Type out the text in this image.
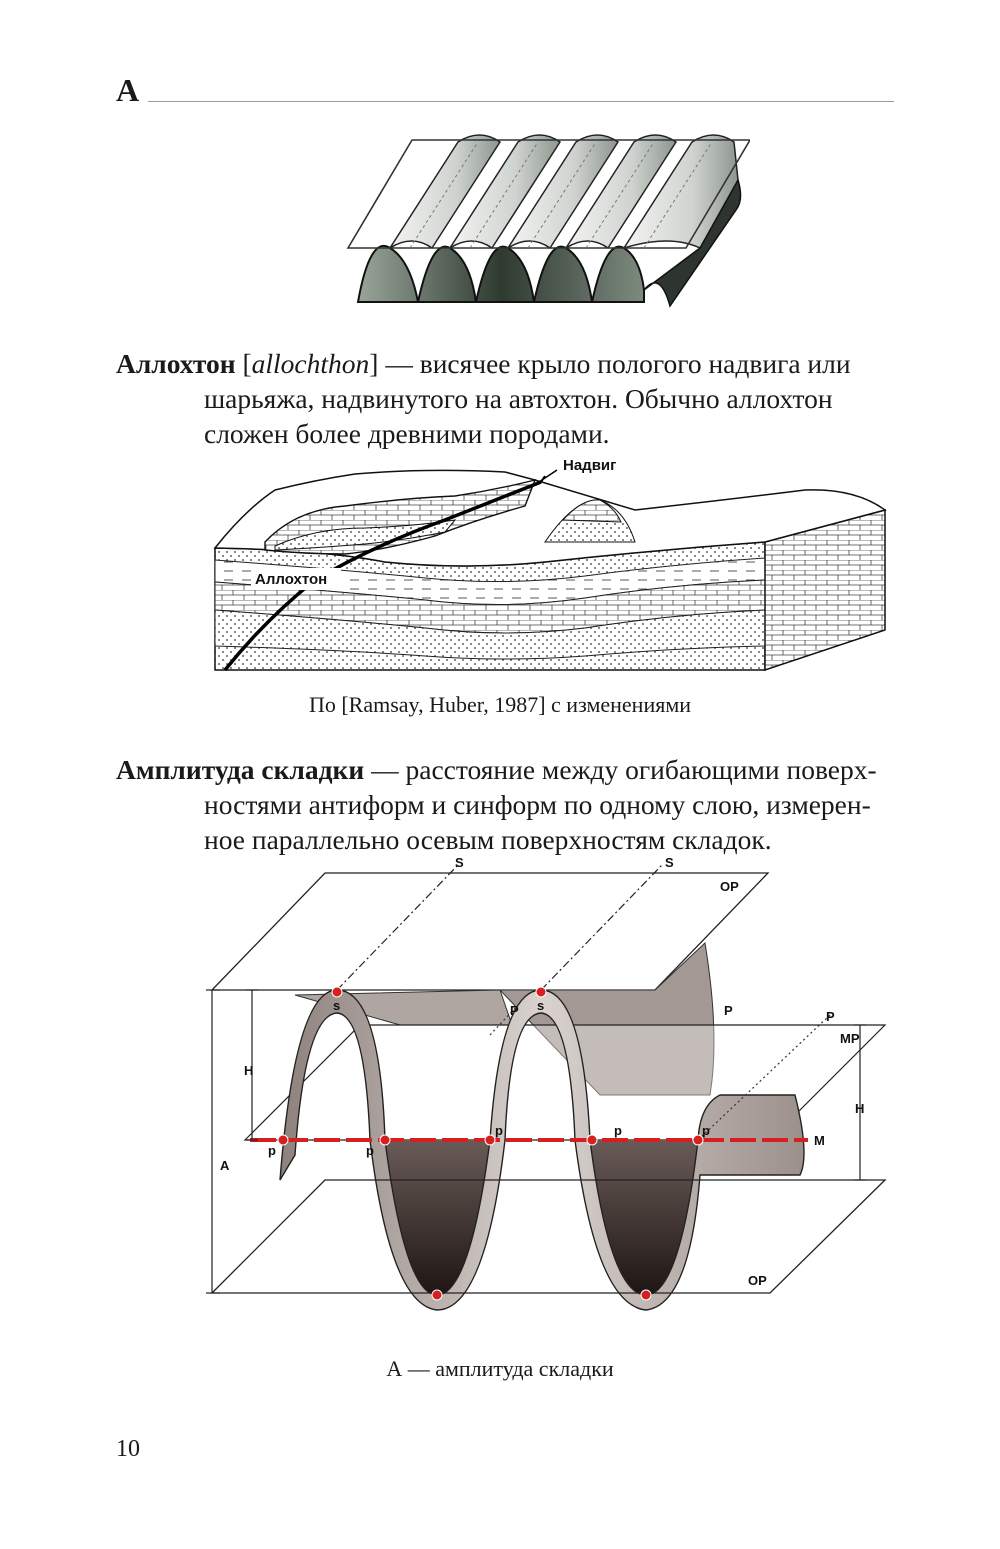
А
Аллохтон [allochthon] — висячее крыло пологого надвига или
шарьяжа, надвинутого на автохтон. Обычно аллохтон
сложен более древними породами.
Надвиг
Аллохтон
По [Ramsay, Huber, 1987] с изменениями
Амплитуда складки — расстояние между огибающими поверх-
ностями антиформ и синформ по одному слою, измерен-
ное параллельно осевым поверхностям складок.
S	S
OP
s	s
P	P	P
MP
H
H
A
M
p	p
p	p	p
OP
А — амплитуда складки
10
